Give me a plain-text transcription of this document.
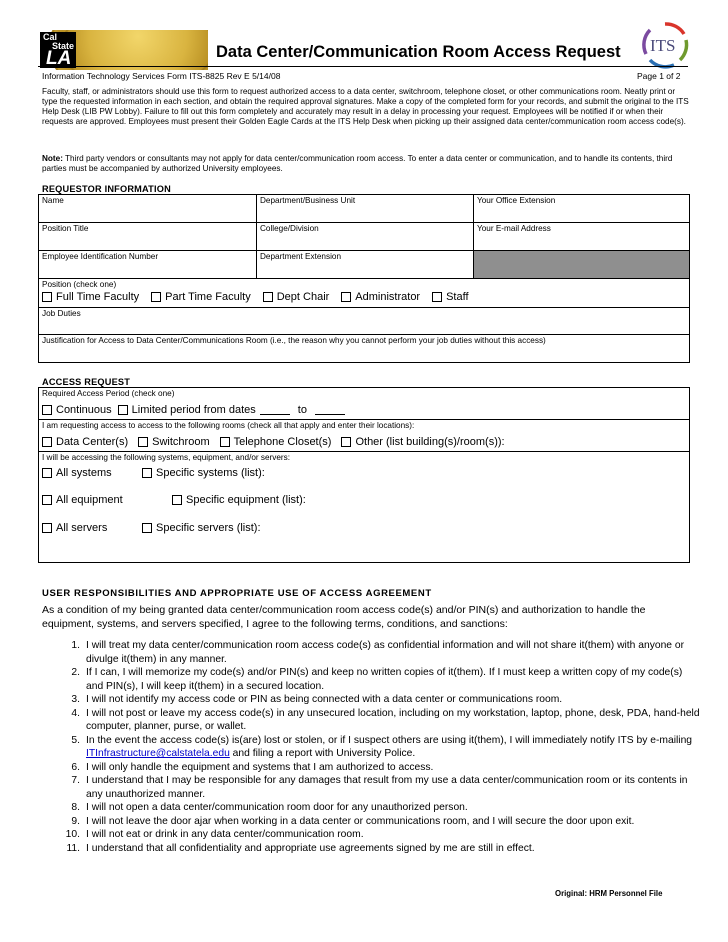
Cal
State
LA	Data Center/Communication Room Access Request ITS
Information Technology Services Form ITS-8825 Rev E 5/14/08	Page 1 of 2
Faculty, staff, or administrators should use this form to request authorized access to a data center, switchroom, telephone closet, or other communications room. Neatly print or type the requested information in each section, and obtain the required approval signatures. Make a copy of the completed form for your records, and submit the original to the ITS Help Desk (LIB PW Lobby). Failure to fill out this form completely and accurately may result in a delay in processing your request. Employees will be notified if or when their requests are approved. Employees must present their Golden Eagle Cards at the ITS Help Desk when picking up their assigned data center/communication room access code(s).
Note: Third party vendors or consultants may not apply for data center/communication room access. To enter a data center or communication, and to handle its contents, third parties must be accompanied by authorized University employees.
REQUESTOR INFORMATION
Name	Department/Business Unit	Your Office Extension
Position Title	College/Division	Your E-mail Address
Employee Identification Number	Department Extension
Position (check one)
Full Time Faculty Part Time Faculty Dept Chair Administrator Staff
Job Duties
Justification for Access to Data Center/Communications Room (i.e., the reason why you cannot perform your job duties without this access)
ACCESS REQUEST
Required Access Period (check one)
Continuous Limited period from dates	to
I am requesting access to access to the following rooms (check all that apply and enter their locations):
Data Center(s) Switchroom Telephone Closet(s) Other (list building(s)/room(s)):
I will be accessing the following systems, equipment, and/or servers:
All systems	Specific systems (list):
All equipment	Specific equipment (list):
All servers	Specific servers (list):
USER RESPONSIBILITIES AND APPROPRIATE USE OF ACCESS AGREEMENT
As a condition of my being granted data center/communication room access code(s) and/or PIN(s) and authorization to handle the equipment, systems, and servers specified, I agree to the following terms, conditions, and sanctions:
1. I will treat my data center/communication room access code(s) as confidential information and will not share it(them) with anyone or divulge it(them) in any manner.
2. If I can, I will memorize my code(s) and/or PIN(s) and keep no written copies of it(them). If I must keep a written copy of my code(s) and PIN(s), I will keep it(them) in a secured location.
3. I will not identify my access code or PIN as being connected with a data center or communications room.
4. I will not post or leave my access code(s) in any unsecured location, including on my workstation, laptop, phone, desk, PDA, hand-held computer, planner, purse, or wallet.
5. In the event the access code(s) is(are) lost or stolen, or if I suspect others are using it(them), I will immediately notify ITS by e-mailing ITInfrastructure@calstatela.edu and filing a report with University Police.
6. I will only handle the equipment and systems that I am authorized to access.
7. I understand that I may be responsible for any damages that result from my use a data center/communication room or its contents in any unauthorized manner.
8. I will not open a data center/communication room door for any unauthorized person.
9. I will not leave the door ajar when working in a data center or communications room, and I will secure the door upon exit.
10. I will not eat or drink in any data center/communication room.
11. I understand that all confidentiality and appropriate use agreements signed by me are still in effect.
Original: HRM Personnel File
